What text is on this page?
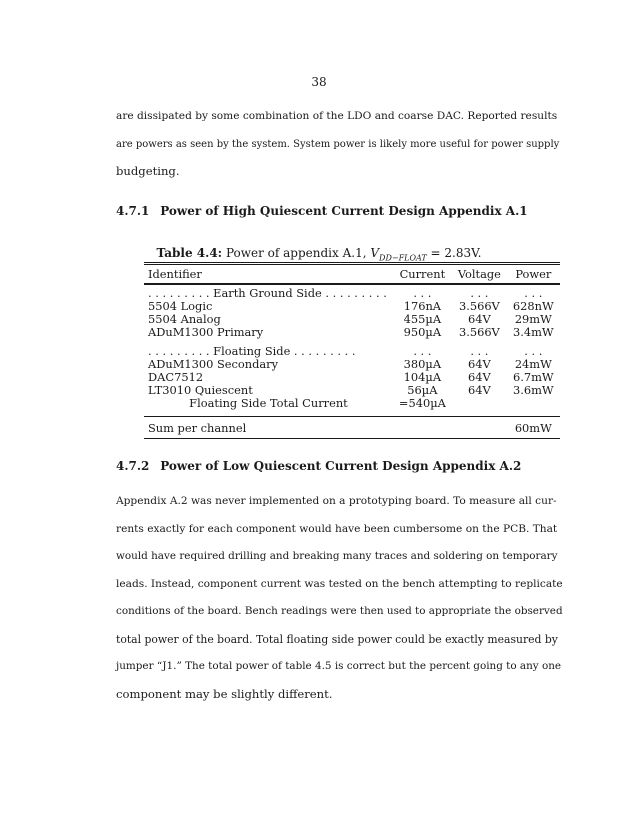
38
are dissipated by some combination of the LDO and coarse DAC. Reported results
are powers as seen by the system. System power is likely more useful for power supply
budgeting.
4.7.1 Power of High Quiescent Current Design Appendix A.1
Table 4.4: Power of appendix A.1, $V_{DD-FLOAT} = 2.83V$.
Identifier	Current	Voltage	Power
. . . . . . . . . Earth Ground Side . . . . . . . . .	. . .	. . .	. . .
5504 Logic	176nA	3.566V	628nW
5504 Analog	455µA	64V	29mW
ADuM1300 Primary	950µA	3.566V	3.4mW

. . . . . . . . . Floating Side . . . . . . . . .	. . .	. . .	. . .
ADuM1300 Secondary	380µA	64V	24mW
DAC7512	104µA	64V	6.7mW
LT3010 Quiescent	56µA	64V	3.6mW
Floating Side Total Current	=540µA		

Sum per channel			60mW
4.7.2 Power of Low Quiescent Current Design Appendix A.2
Appendix A.2 was never implemented on a prototyping board. To measure all cur-
rents exactly for each component would have been cumbersome on the PCB. That
would have required drilling and breaking many traces and soldering on temporary
leads. Instead, component current was tested on the bench attempting to replicate
conditions of the board. Bench readings were then used to appropriate the observed
total power of the board. Total floating side power could be exactly measured by
jumper “J1.” The total power of table 4.5 is correct but the percent going to any one
component may be slightly different.
